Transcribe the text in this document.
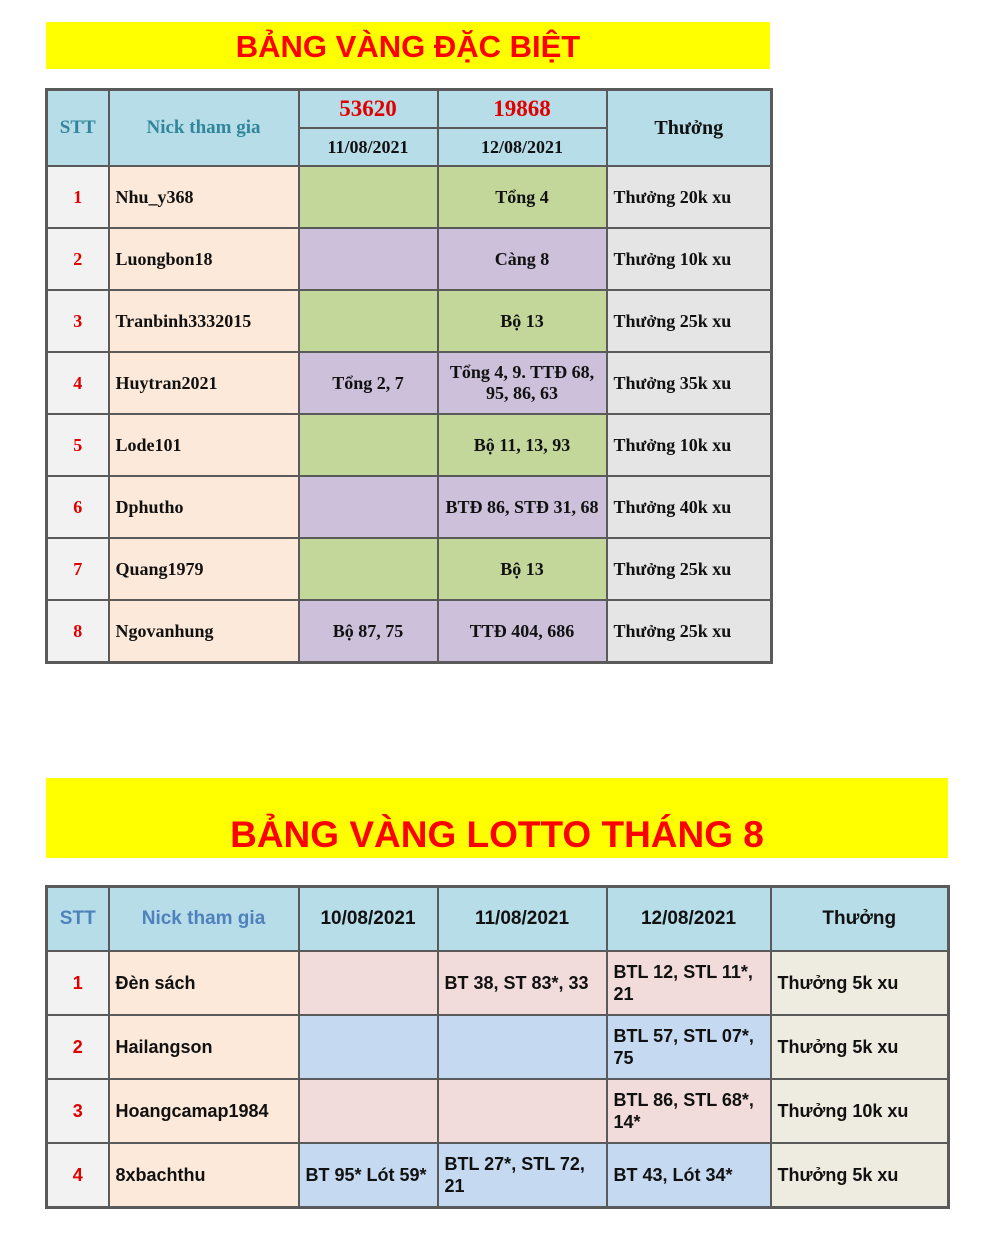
BẢNG VÀNG ĐẶC BIỆT
STT	Nick tham gia	53620	19868	Thưởng
		11/08/2021	12/08/2021	
1	Nhu_y368		Tổng 4	Thưởng 20k xu
2	Luongbon18		Càng 8	Thưởng 10k xu
3	Tranbinh3332015		Bộ 13	Thưởng 25k xu
4	Huytran2021	Tổng 2, 7	Tổng 4, 9. TTĐ 68, 95, 86, 63	Thưởng 35k xu
5	Lode101		Bộ 11, 13, 93	Thưởng 10k xu
6	Dphutho		BTĐ 86, STĐ 31, 68	Thưởng 40k xu
7	Quang1979		Bộ 13	Thưởng 25k xu
8	Ngovanhung	Bộ 87, 75	TTĐ 404, 686	Thưởng 25k xu
BẢNG VÀNG LOTTO THÁNG 8
STT	Nick tham gia	10/08/2021	11/08/2021	12/08/2021	Thưởng
1	Đèn sách		BT 38, ST 83*, 33	BTL 12, STL 11*, 21	Thưởng 5k xu
2	Hailangson			BTL 57, STL 07*, 75	Thưởng 5k xu
3	Hoangcamap1984			BTL 86, STL 68*, 14*	Thưởng 10k xu
4	8xbachthu	BT 95* Lót 59*	BTL 27*, STL 72, 21	BT 43, Lót 34*	Thưởng 5k xu
